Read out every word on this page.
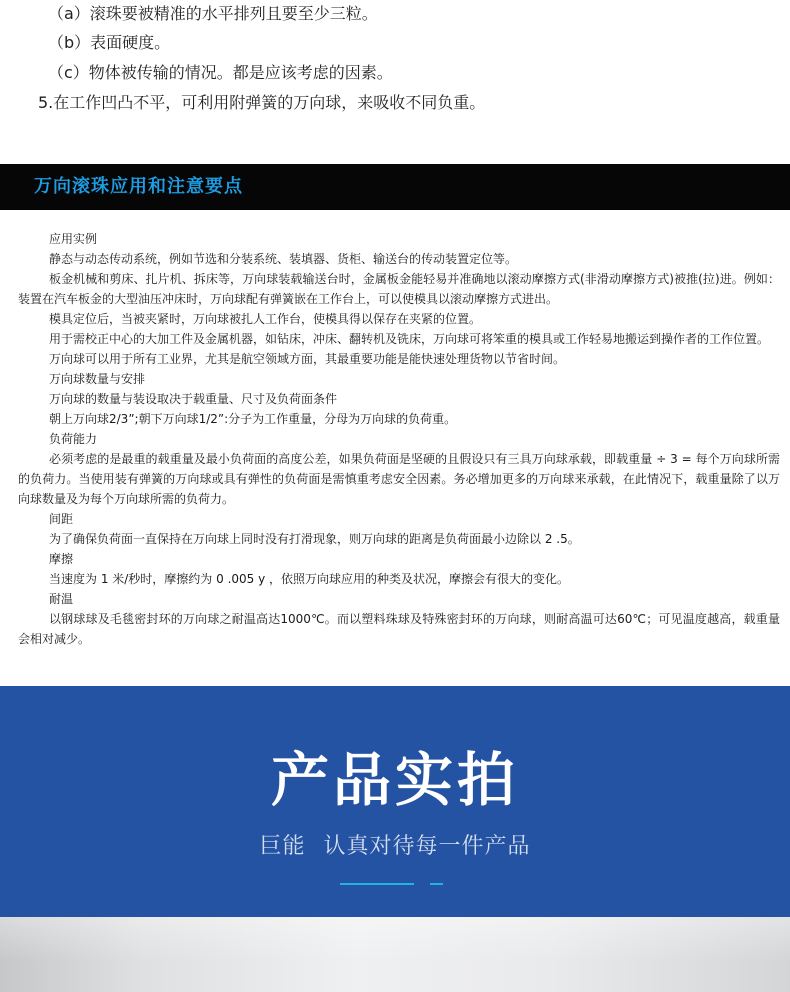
（a）滚珠要被精准的水平排列且要至少三粒。
（b）表面硬度。
（c）物体被传输的情况。都是应该考虑的因素。
5.在工作凹凸不平，可利用附弹簧的万向球，来吸收不同负重。
万向滚珠应用和注意要点

应用实例

静态与动态传动系统，例如节选和分装系统、装填器、货柜、输送台的传动装置定位等。

板金机械和剪床、扎片机、拆床等，万向球装载输送台时，金属板金能轻易并准确地以滚动摩擦方式(非滑动摩擦方式)被推(拉)进。例如：装置在汽车板金的大型油压冲床时，万向球配有弹簧嵌在工作台上，可以使模具以滚动摩擦方式进出。

模具定位后，当被夹紧时，万向球被扎人工作台，使模具得以保存在夹紧的位置。

用于需校正中心的大加工件及金属机器，如钻床，冲床、翻转机及铣床，万向球可将笨重的模具或工作轻易地搬运到操作者的工作位置。

万向球可以用于所有工业界，尤其是航空领域方面，其最重要功能是能快速处理货物以节省时间。

万向球数量与安排

万向球的数量与装设取决于载重量、尺寸及负荷面条件

朝上万向球2/3”;朝下万向球1/2”:分子为工作重量，分母为万向球的负荷重。

负荷能力

必须考虑的是最重的载重量及最小负荷面的高度公差，如果负荷面是坚硬的且假设只有三具万向球承载，即载重量 ÷ 3 = 每个万向球所需的负荷力。当使用装有弹簧的万向球或具有弹性的负荷面是需慎重考虑安全因素。务必增加更多的万向球来承载，在此情况下，载重量除了以万向球数量及为每个万向球所需的负荷力。

间距

为了确保负荷面一直保持在万向球上同时没有打滑现象，则万向球的距离是负荷面最小边除以 2 .5。

摩擦

当速度为 1 米/秒时，摩擦约为 0 .005 y ，依照万向球应用的种类及状况，摩擦会有很大的变化。

耐温

以钢球球及毛毯密封环的万向球之耐温高达1000℃。而以塑料珠球及特殊密封环的万向球，则耐高温可达60℃；可见温度越高，载重量会相对减少。

产品实拍
巨能 认真对待每一件产品
